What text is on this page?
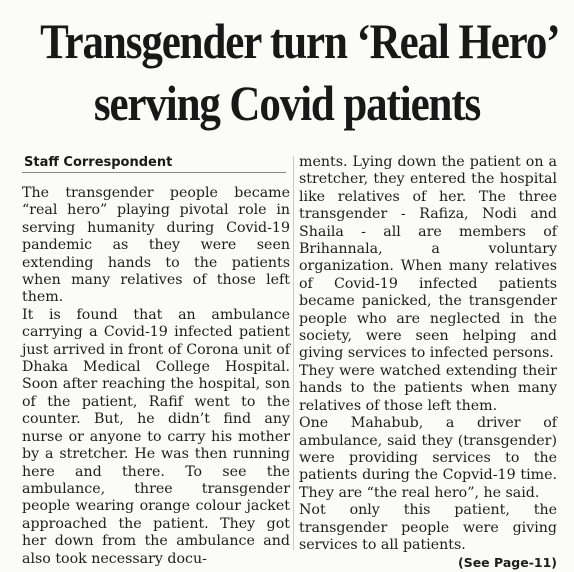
Transgender turn ‘Real Hero’
serving Covid patients
Staff Correspondent

The transgender people became “real hero” playing pivotal role in serving humanity during Covid-19 pandemic as they were seen extending hands to the patients when many relatives of those left them.

It is found that an ambulance carrying a Covid-19 infected patient just arrived in front of Corona unit of Dhaka Medical College Hospital. Soon after reaching the hospital, son of the patient, Rafif went to the counter. But, he didn’t find any nurse or anyone to carry his mother by a stretcher. He was then running here and there. To see the ambulance, three transgender people wearing orange colour jacket approached the patient. They got her down from the ambulance and also took necessary docu-

ments. Lying down the patient on a stretcher, they entered the hospital like relatives of her. The three transgender - Rafiza, Nodi and Shaila - all are members of Brihannala, a voluntary organization. When many relatives of Covid-19 infected patients became panicked, the transgender people who are neglected in the society, were seen helping and giving services to infected persons.

They were watched extending their hands to the patients when many relatives of those left them.

One Mahabub, a driver of ambulance, said they (transgender) were providing services to the patients during the Copvid-19 time. They are “the real hero”, he said.

Not only this patient, the transgender people were giving services to all patients.
(See Page-11)
